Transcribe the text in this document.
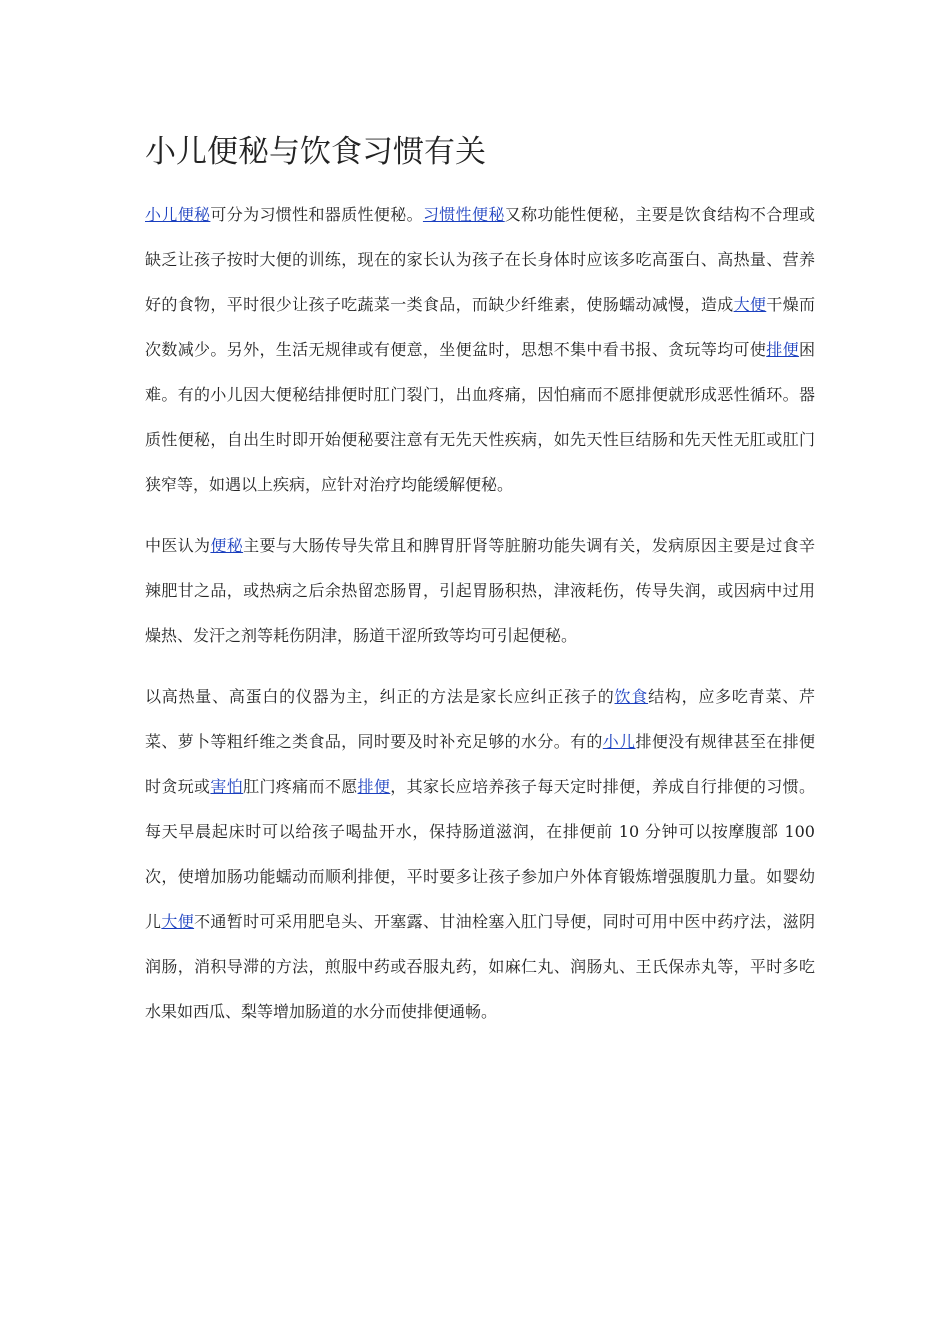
小儿便秘与饮食习惯有关

小儿便秘可分为习惯性和器质性便秘。习惯性便秘又称功能性便秘，主要是饮食结构不合理或缺乏让孩子按时大便的训练，现在的家长认为孩子在长身体时应该多吃高蛋白、高热量、营养好的食物，平时很少让孩子吃蔬菜一类食品，而缺少纤维素，使肠蠕动减慢，造成大便干燥而次数减少。另外，生活无规律或有便意，坐便盆时，思想不集中看书报、贪玩等均可使排便困难。有的小儿因大便秘结排便时肛门裂门，出血疼痛，因怕痛而不愿排便就形成恶性循环。器质性便秘，自出生时即开始便秘要注意有无先天性疾病，如先天性巨结肠和先天性无肛或肛门狭窄等，如遇以上疾病，应针对治疗均能缓解便秘。

中医认为便秘主要与大肠传导失常且和脾胃肝肾等脏腑功能失调有关，发病原因主要是过食辛辣肥甘之品，或热病之后余热留恋肠胃，引起胃肠积热，津液耗伤，传导失润，或因病中过用燥热、发汗之剂等耗伤阴津，肠道干涩所致等均可引起便秘。

以高热量、高蛋白的仪器为主，纠正的方法是家长应纠正孩子的饮食结构，应多吃青菜、芹菜、萝卜等粗纤维之类食品，同时要及时补充足够的水分。有的小儿排便没有规律甚至在排便时贪玩或害怕肛门疼痛而不愿排便，其家长应培养孩子每天定时排便，养成自行排便的习惯。每天早晨起床时可以给孩子喝盐开水，保持肠道滋润，在排便前 10 分钟可以按摩腹部 100 次，使增加肠功能蠕动而顺利排便，平时要多让孩子参加户外体育锻炼增强腹肌力量。如婴幼儿大便不通暂时可采用肥皂头、开塞露、甘油栓塞入肛门导便，同时可用中医中药疗法，滋阴润肠，消积导滞的方法，煎服中药或吞服丸药，如麻仁丸、润肠丸、王氏保赤丸等，平时多吃水果如西瓜、梨等增加肠道的水分而使排便通畅。
